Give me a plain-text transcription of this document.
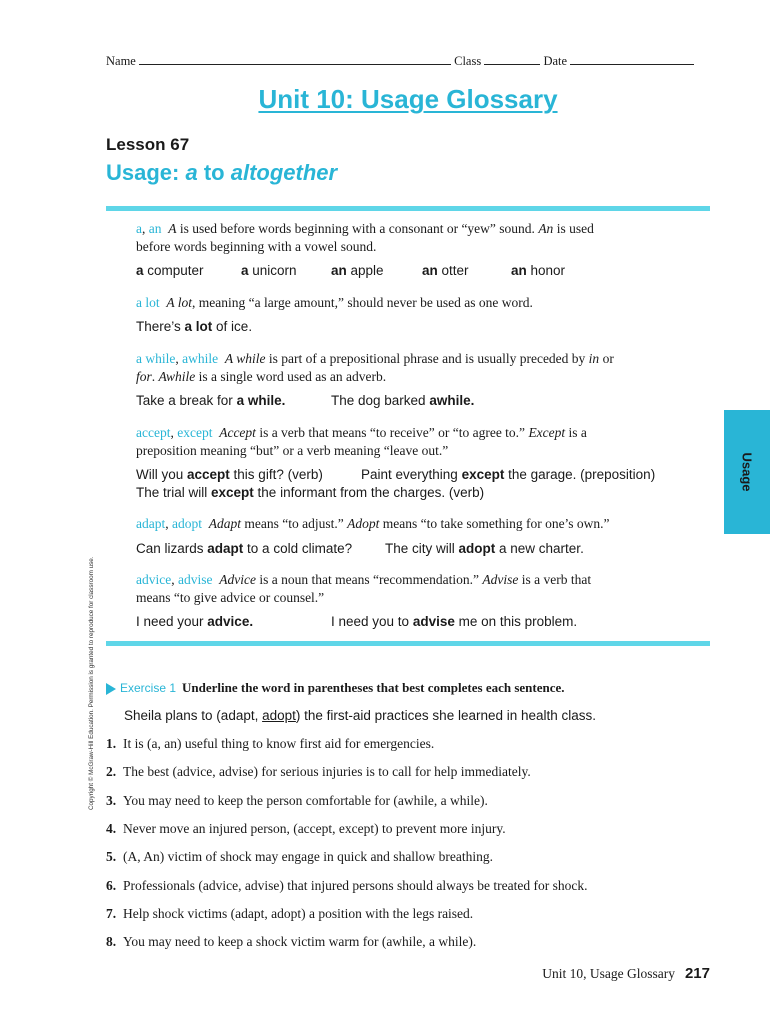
Name	Class	Date
Unit 10: Usage Glossary
Lesson 67
Usage: a to altogether
a, an A is used before words beginning with a consonant or “yew” sound. An is used
before words beginning with a vowel sound.
a computer	a unicorn	an apple	an otter	an honor
a lot A lot, meaning “a large amount,” should never be used as one word.
There’s a lot of ice.
a while, awhile A while is part of a prepositional phrase and is usually preceded by in or
for. Awhile is a single word used as an adverb.
Take a break for a while.	The dog barked awhile.
accept, except Accept is a verb that means “to receive” or “to agree to.” Except is a
preposition meaning “but” or a verb meaning “leave out.”
Will you accept this gift? (verb)	Paint everything except the garage. (preposition)
The trial will except the informant from the charges. (verb)
adapt, adopt Adapt means “to adjust.” Adopt means “to take something for one’s own.”
Can lizards adapt to a cold climate? The city will adopt a new charter.
advice, advise Advice is a noun that means “recommendation.” Advise is a verb that
means “to give advice or counsel.”
I need your advice.	I need you to advise me on this problem.
Usage
Copyright © McGraw-Hill Education. Permission is granted to reproduce for classroom use.	Exercise 1 Underline the word in parentheses that best completes each sentence.
Sheila plans to (adapt, adopt) the first-aid practices she learned in health class.
1. It is (a, an) useful thing to know first aid for emergencies.
2. The best (advice, advise) for serious injuries is to call for help immediately.
3. You may need to keep the person comfortable for (awhile, a while).
4. Never move an injured person, (accept, except) to prevent more injury.
5. (A, An) victim of shock may engage in quick and shallow breathing.
6. Professionals (advice, advise) that injured persons should always be treated for shock.
7. Help shock victims (adapt, adopt) a position with the legs raised.
8. You may need to keep a shock victim warm for (awhile, a while).
Unit 10, Usage Glossary 217
